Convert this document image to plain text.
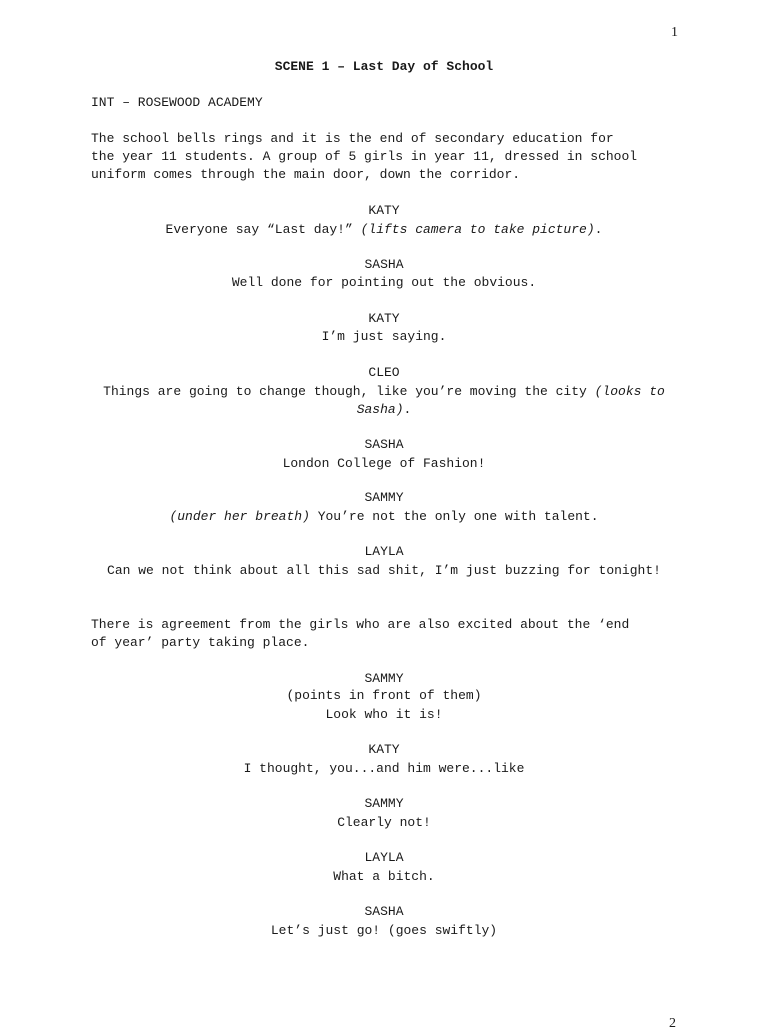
1
SCENE 1 – Last Day of School
INT – ROSEWOOD ACADEMY
The school bells rings and it is the end of secondary education for
the year 11 students. A group of 5 girls in year 11, dressed in school
uniform comes through the main door, down the corridor.
KATY
Everyone say “Last day!” (lifts camera to take picture).
SASHA
Well done for pointing out the obvious.
KATY
I’m just saying.
CLEO
Things are going to change though, like you’re moving the city (looks to Sasha).
SASHA
London College of Fashion!
SAMMY
(under her breath) You’re not the only one with talent.
LAYLA
Can we not think about all this sad shit, I’m just buzzing for tonight!
There is agreement from the girls who are also excited about the ‘end
of year’ party taking place.
SAMMY
(points in front of them)
Look who it is!
KATY
I thought, you...and him were...like
SAMMY
Clearly not!
LAYLA
What a bitch.
SASHA
Let’s just go! (goes swiftly)
2
